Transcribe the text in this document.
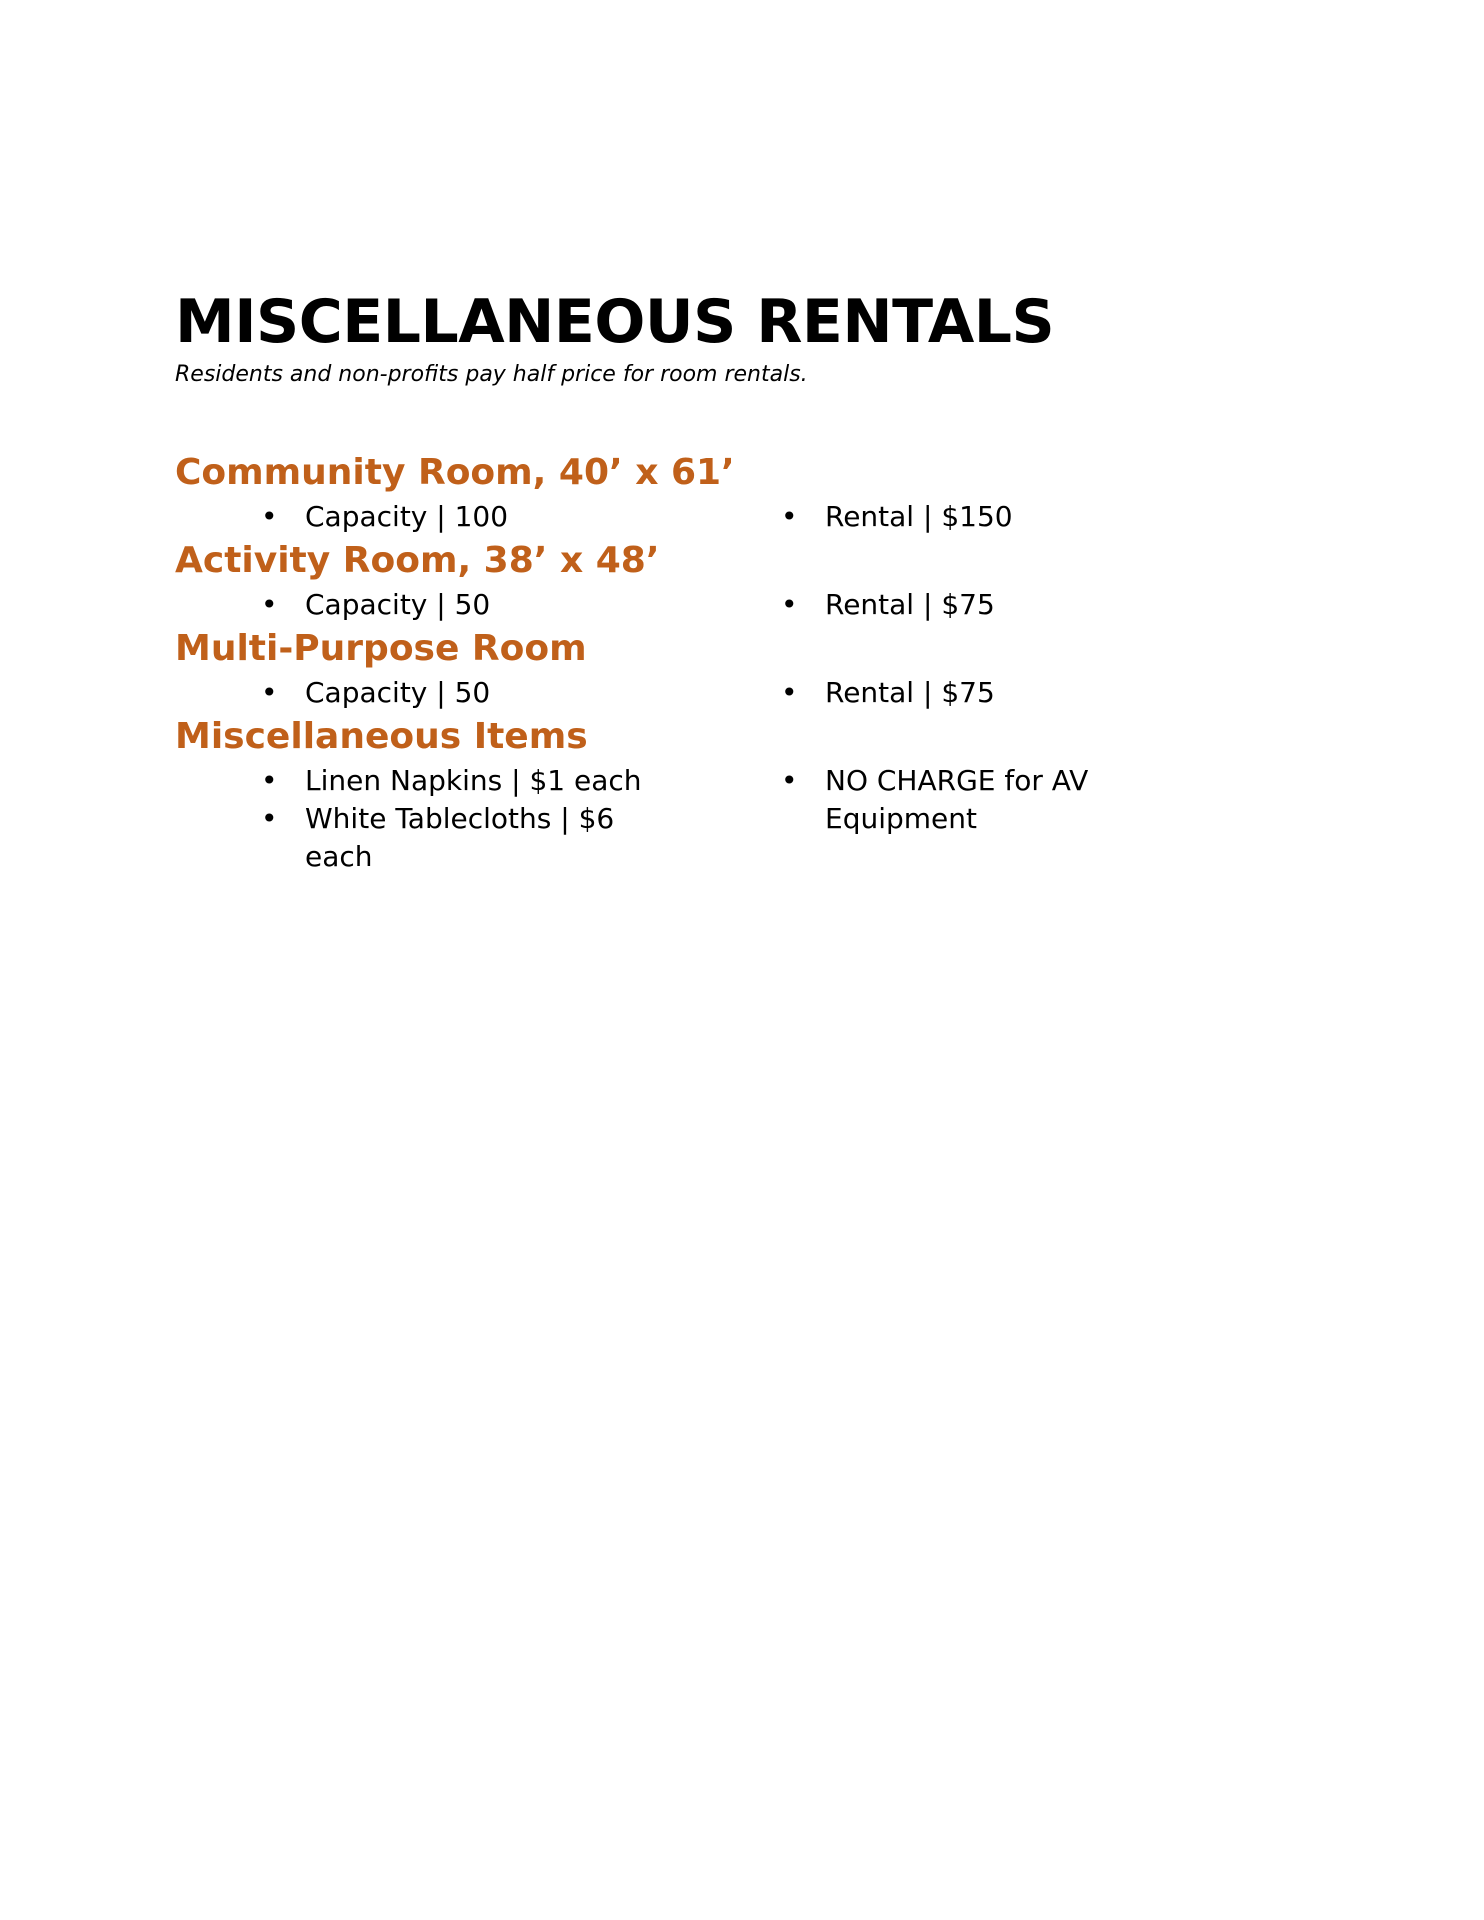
MISCELLANEOUS RENTALS

Residents and non-profits pay half price for room rentals.

Community Room, 40’ x 61’
• Capacity | 100	• Rental | $150
Activity Room, 38’ x 48’
• Capacity | 50	• Rental | $75
Multi-Purpose Room
• Capacity | 50	• Rental | $75
Miscellaneous Items
• Linen Napkins | $1 each
• White Tablecloths | $6 each
• NO CHARGE for AV Equipment
